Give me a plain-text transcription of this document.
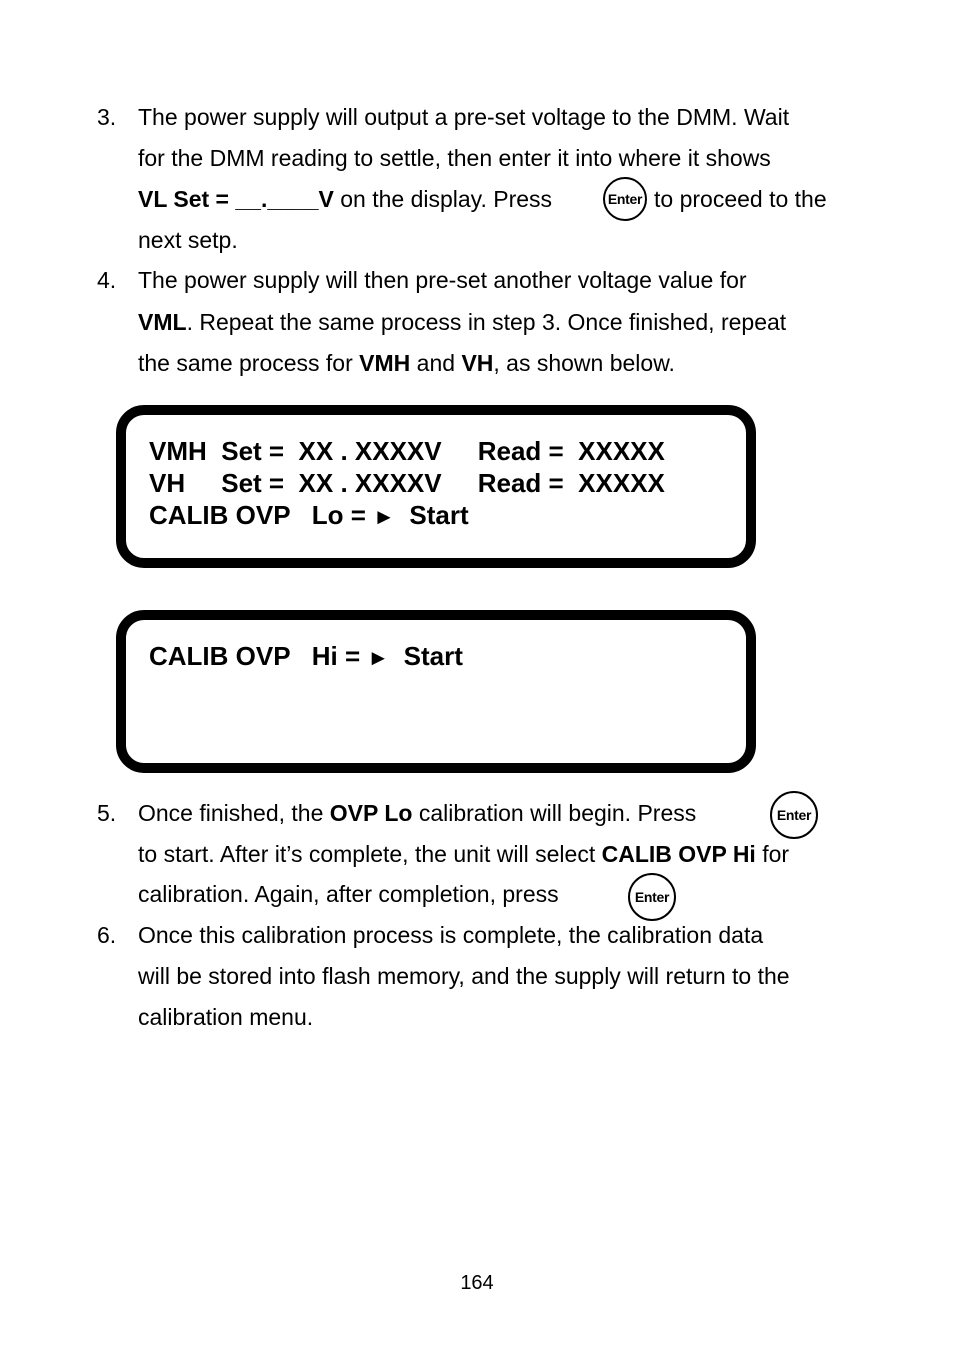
3. The power supply will output a pre-set voltage to the DMM. Wait
for the DMM reading to settle, then enter it into where it shows
VL Set = __.____V on the display. Press	Enter to proceed to the
next setp.
4. The power supply will then pre-set another voltage value for
VML. Repeat the same process in step 3. Once finished, repeat
the same process for VMH and VH, as shown below.
VMH  Set =  XX . XXXXV     Read =  XXXXX
VH     Set =  XX . XXXXV     Read =  XXXXX
CALIB OVP   Lo = ►  Start
CALIB OVP   Hi = ►  Start
5. Once finished, the OVP Lo calibration will begin. Press	Enter
to start. After it’s complete, the unit will select CALIB OVP Hi for
calibration. Again, after completion, press	Enter
6. Once this calibration process is complete, the calibration data
will be stored into flash memory, and the supply will return to the
calibration menu.
164
